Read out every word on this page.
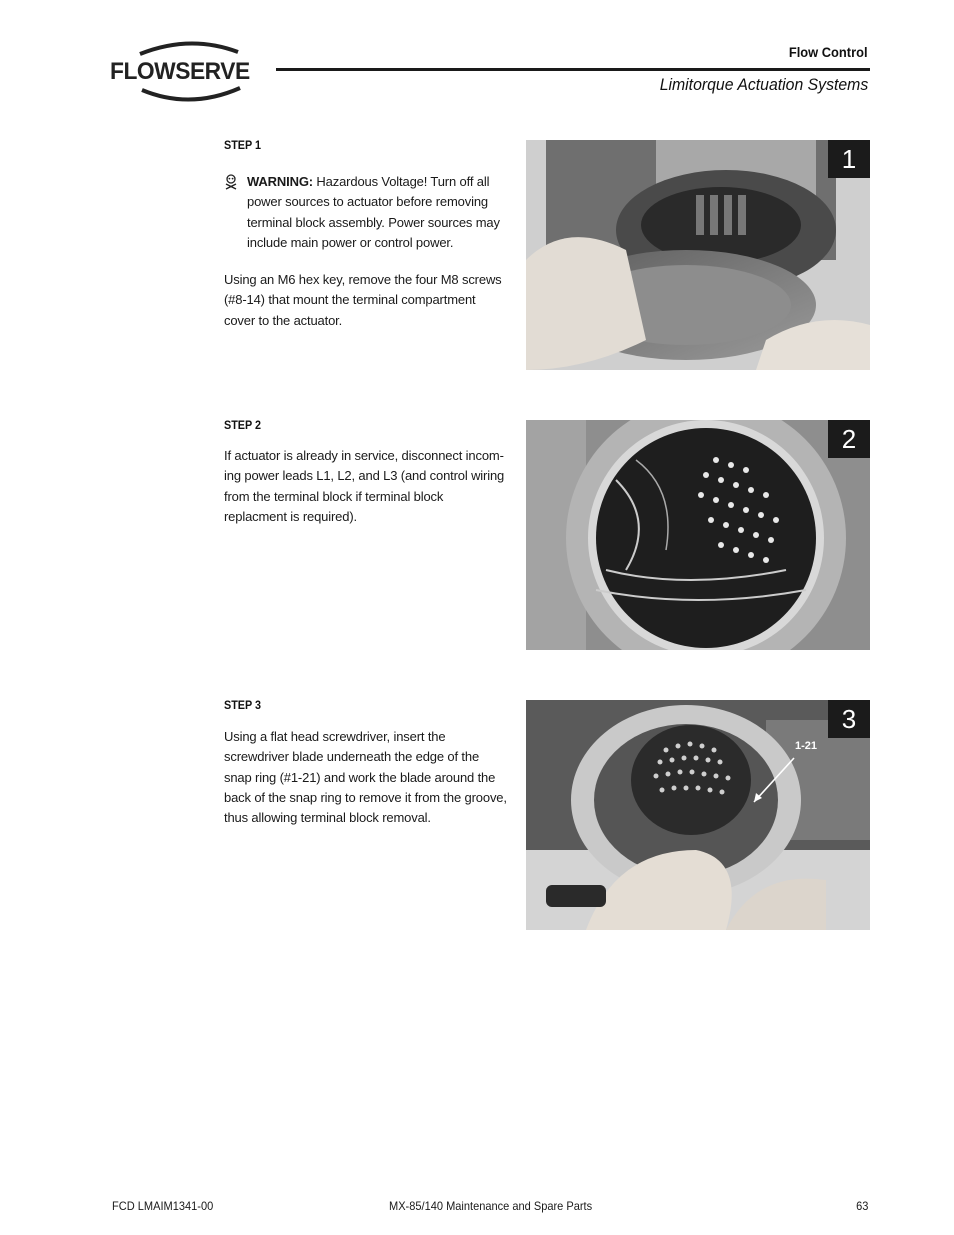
FLOWSERVE
Flow Control
Limitorque Actuation Systems
STEP 1
WARNING: Hazardous Voltage! Turn off all power sources to actuator before removing terminal block assembly. Power sources may include main power or control power.
Using an M6 hex key, remove the four M8 screws (#8-14) that mount the terminal compartment cover to the actuator.
1
STEP 2
If actuator is already in service, disconnect incom-ing power leads L1, L2, and L3 (and control wiring from the terminal block if terminal block replacment is required).
2
STEP 3
Using a flat head screwdriver, insert the screwdriver blade underneath the edge of the snap ring (#1-21) and work the blade around the back of the snap ring to remove it from the groove, thus allowing terminal block removal.
1-21
3
FCD LMAIM1341-00	MX-85/140 Maintenance and Spare Parts	63
